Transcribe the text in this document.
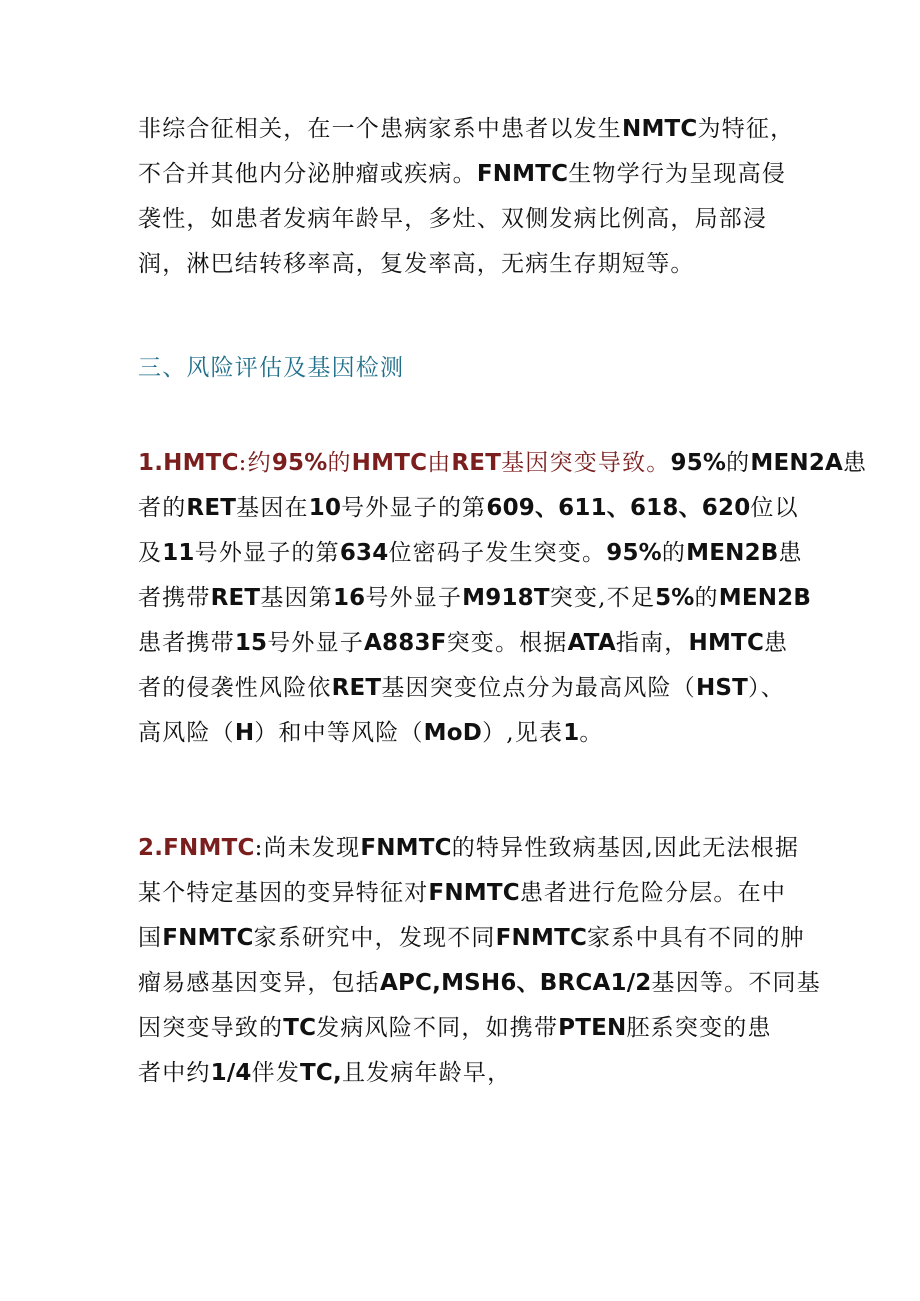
非综合征相关，在一个患病家系中患者以发生NMTC为特征，
不合并其他内分泌肿瘤或疾病。FNMTC生物学行为呈现高侵
袭性，如患者发病年龄早，多灶、双侧发病比例高，局部浸
润，淋巴结转移率高，复发率高，无病生存期短等。
三、风险评估及基因检测
1.HMTC:约95%的HMTC由RET基因突变导致。95%的MEN2A患
者的RET基因在10号外显子的第609、611、618、620位以
及11号外显子的第634位密码子发生突变。95%的MEN2B患
者携带RET基因第16号外显子M918T突变,不足5%的MEN2B
患者携带15号外显子A883F突变。根据ATA指南，HMTC患
者的侵袭性风险依RET基因突变位点分为最高风险（HST）、
高风险（H）和中等风险（MoD）,见表1。
2.FNMTC:尚未发现FNMTC的特异性致病基因,因此无法根据
某个特定基因的变异特征对FNMTC患者进行危险分层。在中
国FNMTC家系研究中，发现不同FNMTC家系中具有不同的肿
瘤易感基因变异，包括APC,MSH6、BRCA1/2基因等。不同基
因突变导致的TC发病风险不同，如携带PTEN胚系突变的患
者中约1/4伴发TC,且发病年龄早，
